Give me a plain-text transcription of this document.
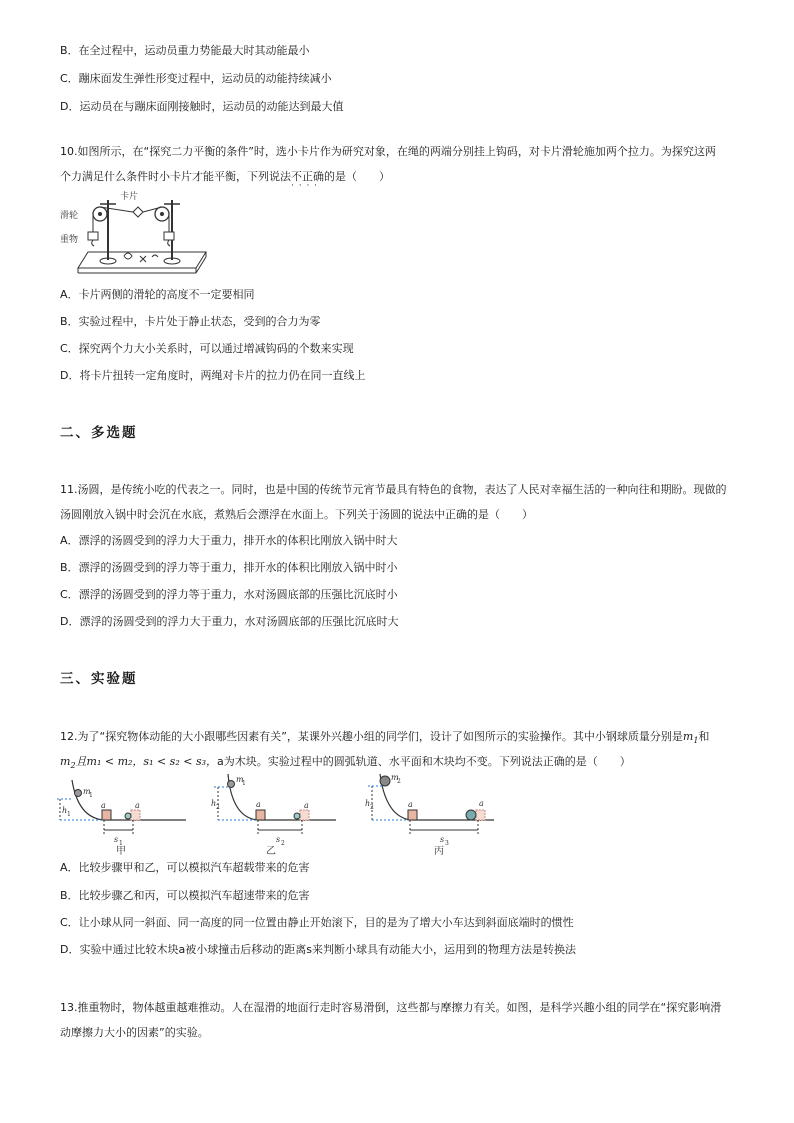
B．在全过程中，运动员重力势能最大时其动能最小
C．蹦床面发生弹性形变过程中，运动员的动能持续减小
D．运动员在与蹦床面刚接触时，运动员的动能达到最大值
10.如图所示，在“探究二力平衡的条件”时，选小卡片作为研究对象，在绳的两端分别挂上钩码，对卡片滑轮施加两个拉力。为探究这两
个力满足什么条件时小卡片才能平衡，下列说法不正确 · · · ·的是（　　）
卡片
滑轮
重物
A．卡片两侧的滑轮的高度不一定要相同
B．实验过程中，卡片处于静止状态，受到的合力为零
C．探究两个力大小关系时，可以通过增减钩码的个数来实现
D．将卡片扭转一定角度时，两绳对卡片的拉力仍在同一直线上
二、多选题
11.汤圆，是传统小吃的代表之一。同时，也是中国的传统节元宵节最具有特色的食物，表达了人民对幸福生活的一种向往和期盼。现做的
汤圆刚放入锅中时会沉在水底，煮熟后会漂浮在水面上。下列关于汤圆的说法中正确的是（　　）
A．漂浮的汤圆受到的浮力大于重力，排开水的体积比刚放入锅中时大
B．漂浮的汤圆受到的浮力等于重力，排开水的体积比刚放入锅中时小
C．漂浮的汤圆受到的浮力等于重力，水对汤圆底部的压强比沉底时小
D．漂浮的汤圆受到的浮力大于重力，水对汤圆底部的压强比沉底时大
三、实验题
12.为了“探究物体动能的大小跟哪些因素有关”，某课外兴趣小组的同学们，设计了如图所示的实验操作。其中小钢球质量分别是$m_1$和
$m_2$且m₁ < m₂，s₁ < s₂ < s₃，a为木块。实验过程中的圆弧轨道、水平面和木块均不变。下列说法正确的是（　　）
m
1
h 1
a	a
s 1
甲
m
1
h 2	a	a
s 2
乙
m
2
h 2	a	a
s 3
丙
A．比较步骤甲和乙，可以模拟汽车超载带来的危害
B．比较步骤乙和丙，可以模拟汽车超速带来的危害
C．让小球从同一斜面、同一高度的同一位置由静止开始滚下，目的是为了增大小车达到斜面底端时的惯性
D．实验中通过比较木块a被小球撞击后移动的距离s来判断小球具有动能大小，运用到的物理方法是转换法
13.推重物时，物体越重越难推动。人在湿滑的地面行走时容易滑倒，这些都与摩擦力有关。如图，是科学兴趣小组的同学在“探究影响滑
动摩擦力大小的因素”的实验。
